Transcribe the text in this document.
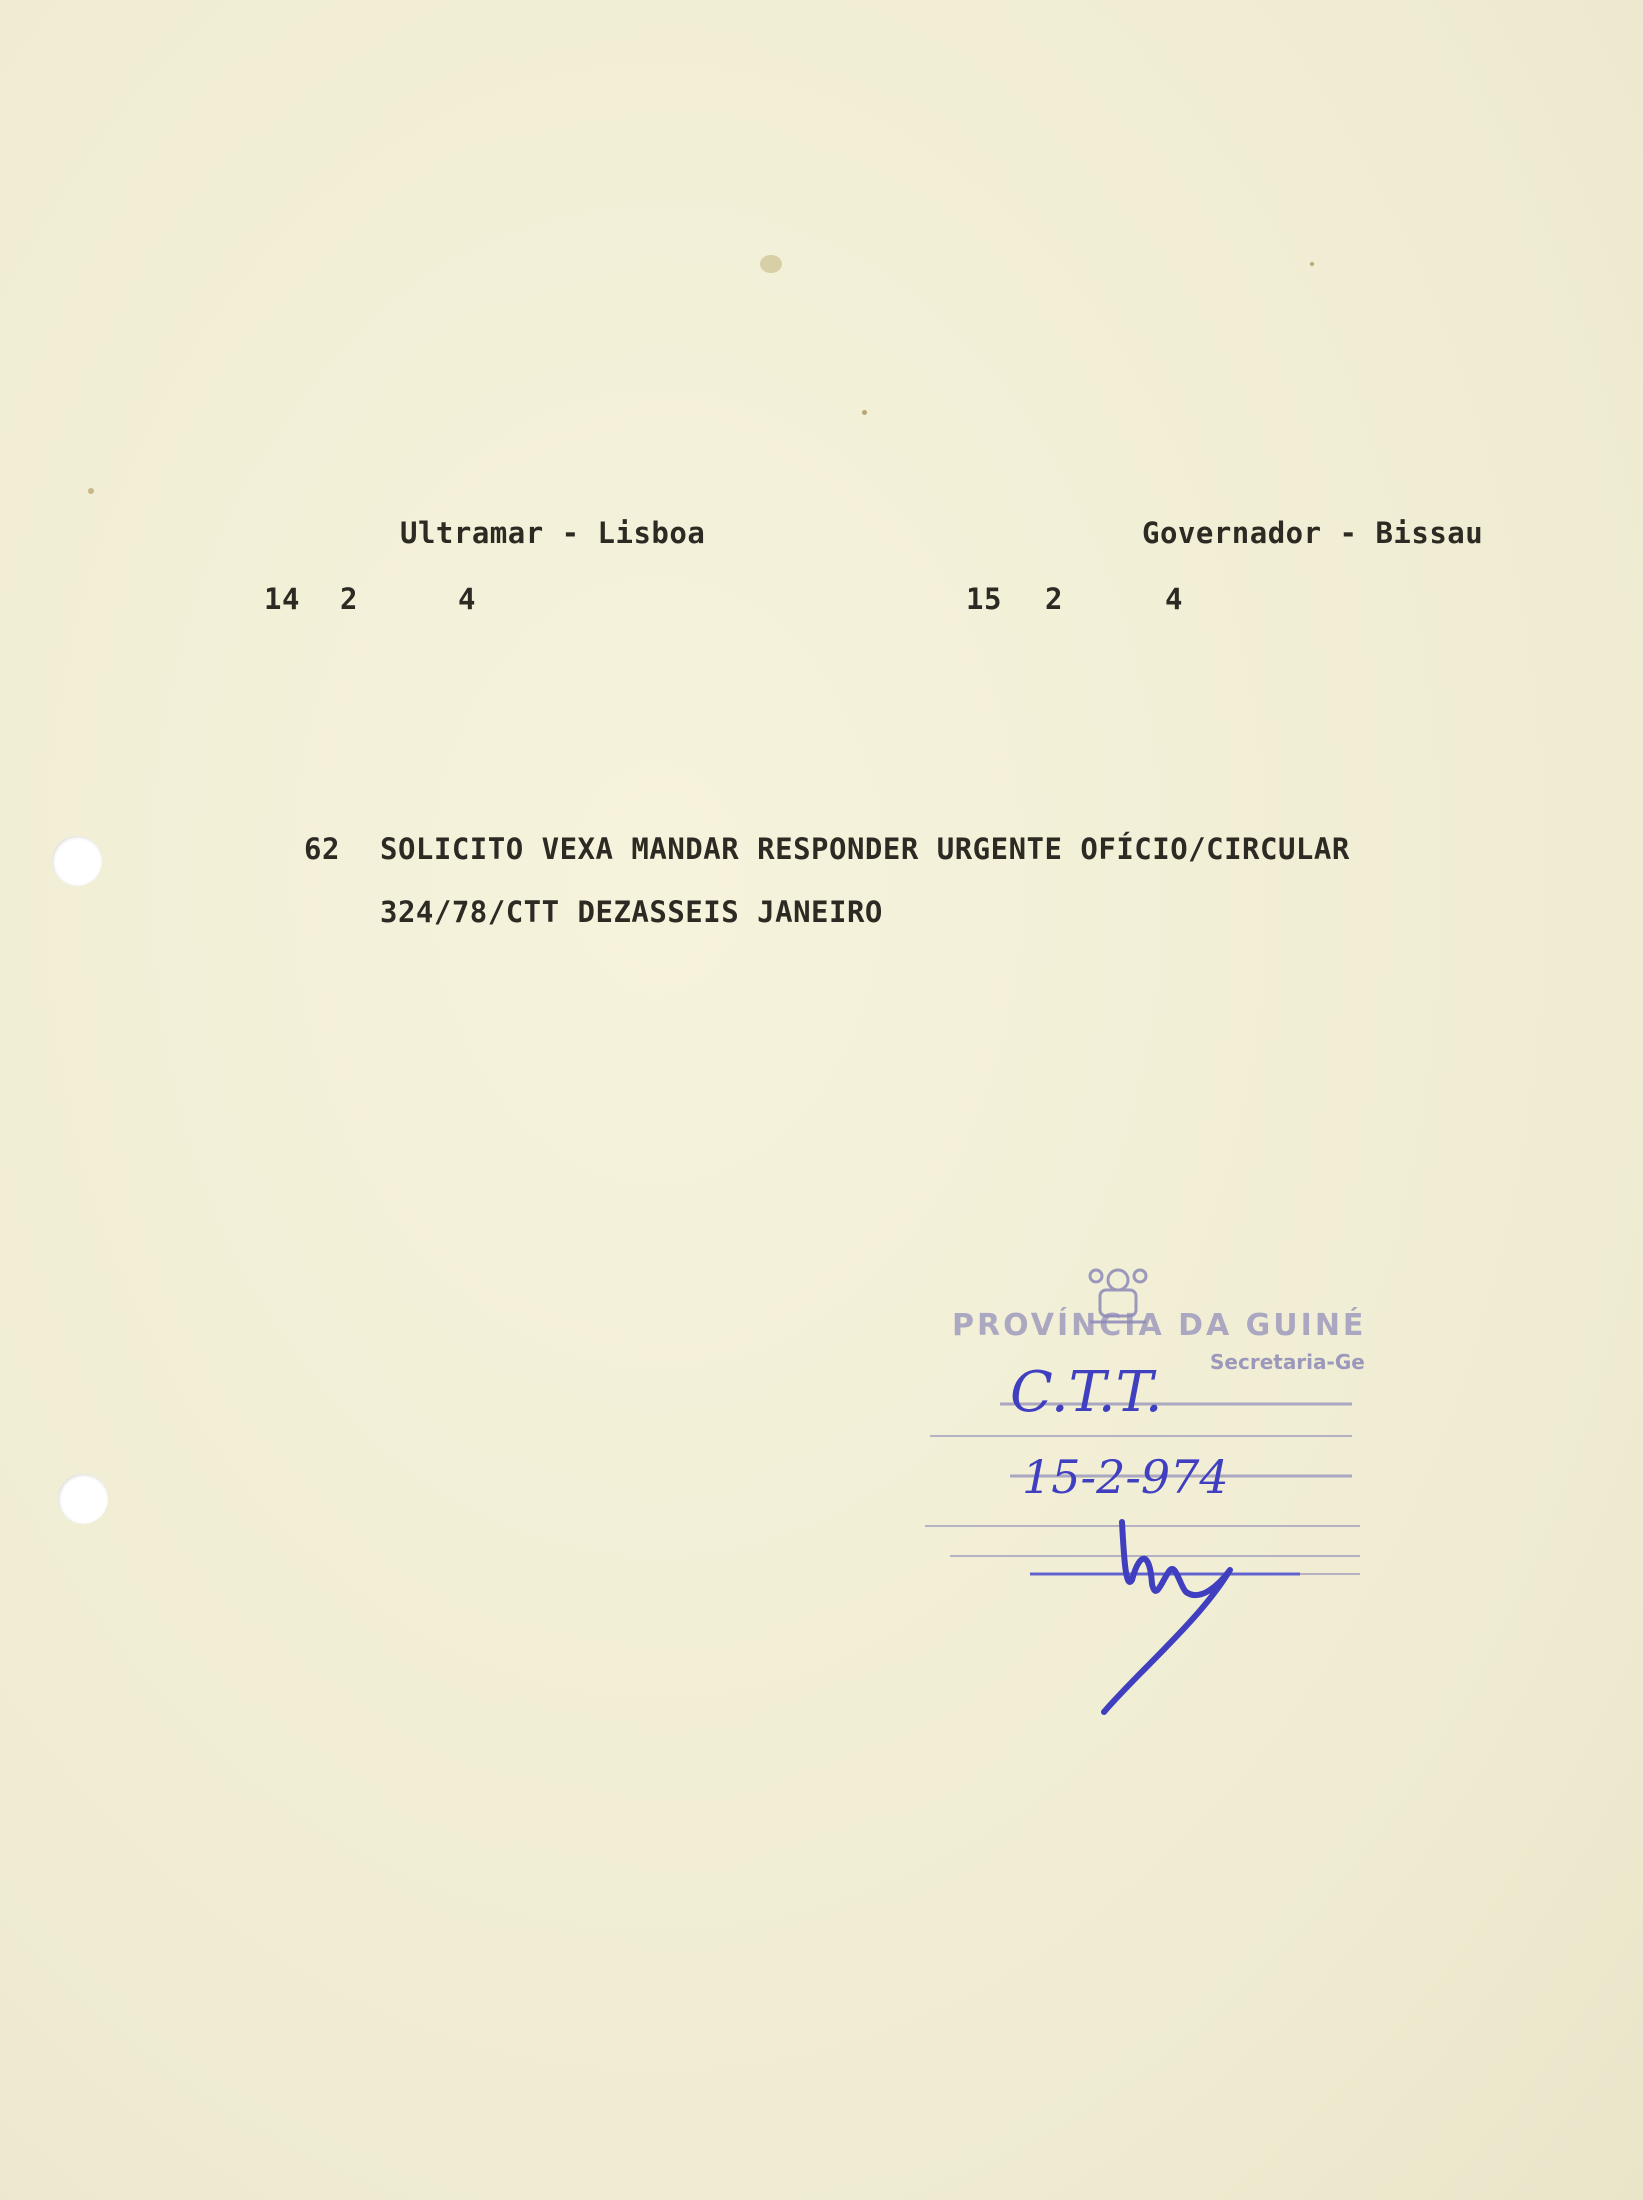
Ultramar - Lisboa	Governador - Bissau
14 2	4	15 2	4
62 SOLICITO VEXA MANDAR RESPONDER URGENTE OFÍCIO/CIRCULAR
324/78/CTT DEZASSEIS JANEIRO
PROVÍNCIA DA GUINÉ
Secretaria-Ge
C.T.T.
15-2-974
